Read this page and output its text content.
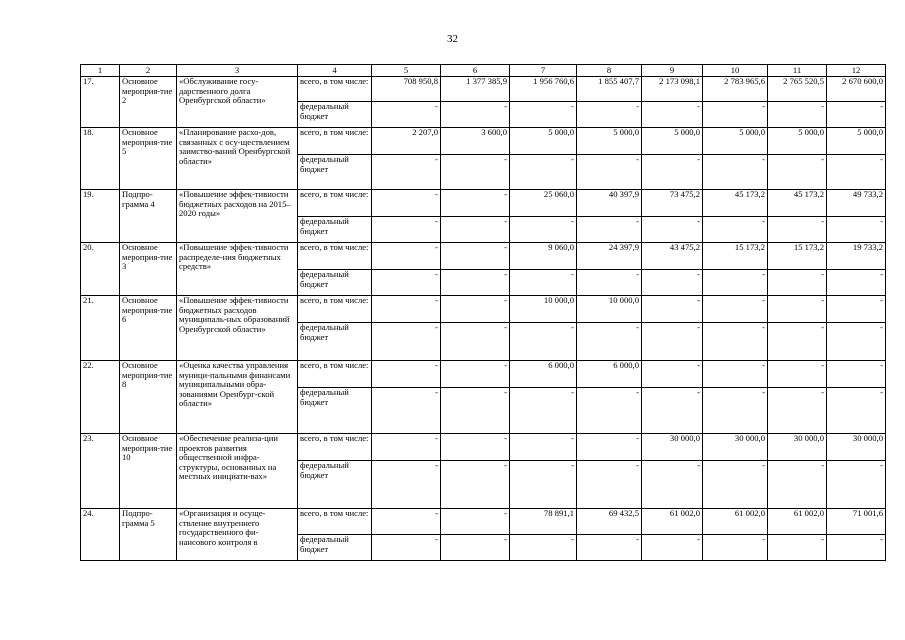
32
1	2	3	4	5	6	7	8	9	10	11	12
17.	Основное мероприя-тие 2	«Обслуживание госу-дарственного долга Оренбургской области»	всего, в том числе:	708 950,8	1 377 385,9	1 956 760,6	1 855 407,7	2 173 098,1	2 783 965,6	2 765 520,5	2 670 600,0
			федеральный бюджет	-	-	-	-	-	-	-	-
18.	Основное мероприя-тие 5	«Планирование расхо-дов, связанных с осу-ществлением заимство-ваний Оренбургской области»	всего, в том числе:	2 207,0	3 600,0	5 000,0	5 000,0	5 000,0	5 000,0	5 000,0	5 000,0
			федеральный бюджет	-	-	-	-	-	-	-	-
19.	Подпро-грамма 4	«Повышение эффек-тивности бюджетных расходов на 2015–2020 годы»	всего, в том числе:	-	-	25 060,0	40 397,9	73 475,2	45 173,2	45 173,2	49 733,2
			федеральный бюджет	-	-	-	-	-	-	-	-
20.	Основное мероприя-тие 3	«Повышение эффек-тивности распределе-ния бюджетных средств»	всего, в том числе:	-	-	9 060,0	24 397,9	43 475,2	15 173,2	15 173,2	19 733,2
			федеральный бюджет	-	-	-	-	-	-	-	-
21.	Основное мероприя-тие 6	«Повышение эффек-тивности бюджетных расходов муниципаль-ных образований Оренбургской области»	всего, в том числе:	-	-	10 000,0	10 000,0	-	-	-	-
			федеральный бюджет	-	-	-	-	-	-	-	-
22.	Основное мероприя-тие 8	«Оценка качества управления муници-пальными финансами муниципальными обра-зованиями Оренбург-ской области»	всего, в том числе:	-	-	6 000,0	6 000,0	-	-	-	-
			федеральный бюджет	-	-	-	-	-	-	-	-
23.	Основное мероприя-тие 10	«Обеспечение реализа-ции проектов развития общественной инфра-структуры, основанных на местных инициати-вах»	всего, в том числе:	-	-	-	-	30 000,0	30 000,0	30 000,0	30 000,0
			федеральный бюджет	-	-	-	-	-	-	-	-
24.	Подпро-грамма 5	«Организация и осуще-ствление внутреннего государственного фи-нансового контроля в	всего, в том числе:	-	-	78 891,1	69 432,5	61 002,0	61 002,0	61 002,0	71 001,6
			федеральный бюджет	-	-	-	-	-	-	-	-
